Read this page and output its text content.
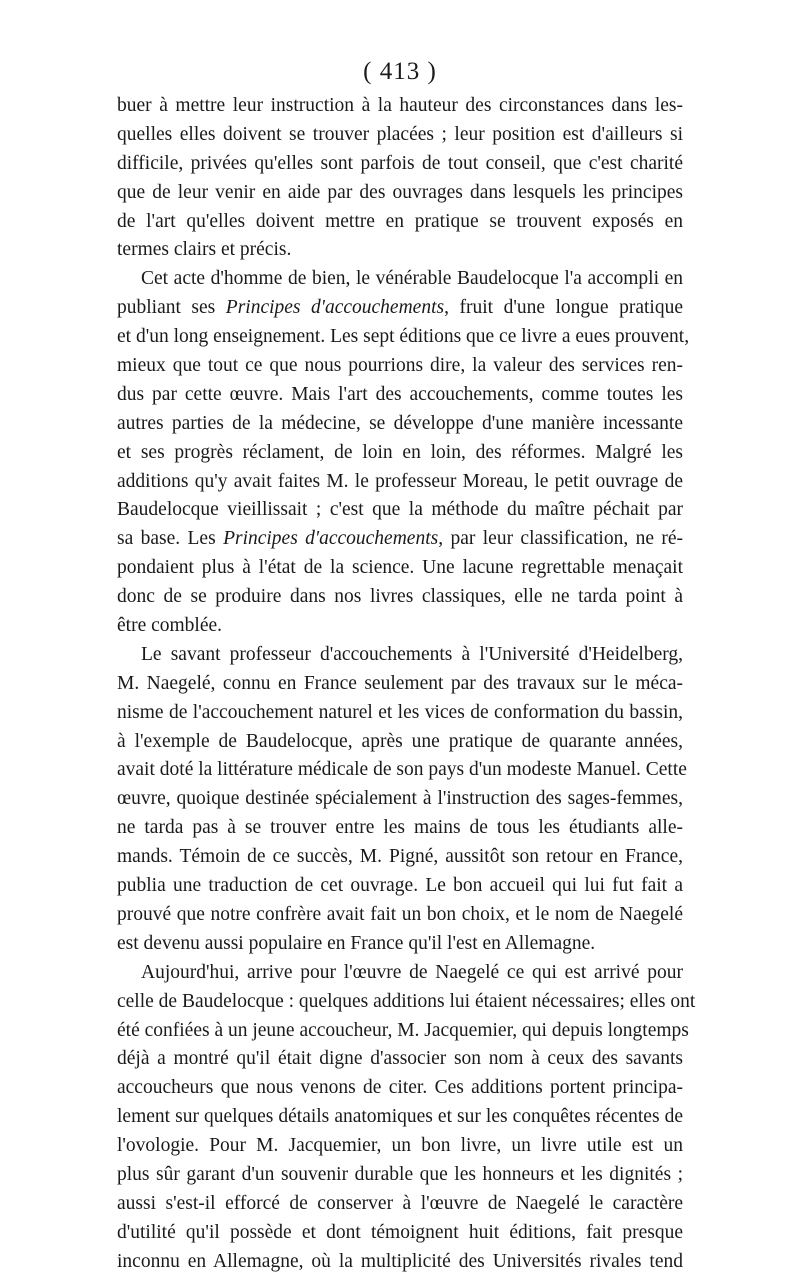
( 413 )
buer à mettre leur instruction à la hauteur des circonstances dans les-
quelles elles doivent se trouver placées ; leur position est d'ailleurs si
difficile, privées qu'elles sont parfois de tout conseil, que c'est charité
que de leur venir en aide par des ouvrages dans lesquels les principes
de l'art qu'elles doivent mettre en pratique se trouvent exposés en
termes clairs et précis.
Cet acte d'homme de bien, le vénérable Baudelocque l'a accompli en
publiant ses Principes d'accouchements, fruit d'une longue pratique
et d'un long enseignement. Les sept éditions que ce livre a eues prouvent,
mieux que tout ce que nous pourrions dire, la valeur des services ren-
dus par cette œuvre. Mais l'art des accouchements, comme toutes les
autres parties de la médecine, se développe d'une manière incessante
et ses progrès réclament, de loin en loin, des réformes. Malgré les
additions qu'y avait faites M. le professeur Moreau, le petit ouvrage de
Baudelocque vieillissait ; c'est que la méthode du maître péchait par
sa base. Les Principes d'accouchements, par leur classification, ne ré-
pondaient plus à l'état de la science. Une lacune regrettable menaçait
donc de se produire dans nos livres classiques, elle ne tarda point à
être comblée.
Le savant professeur d'accouchements à l'Université d'Heidelberg,
M. Naegelé, connu en France seulement par des travaux sur le méca-
nisme de l'accouchement naturel et les vices de conformation du bassin,
à l'exemple de Baudelocque, après une pratique de quarante années,
avait doté la littérature médicale de son pays d'un modeste Manuel. Cette
œuvre, quoique destinée spécialement à l'instruction des sages-femmes,
ne tarda pas à se trouver entre les mains de tous les étudiants alle-
mands. Témoin de ce succès, M. Pigné, aussitôt son retour en France,
publia une traduction de cet ouvrage. Le bon accueil qui lui fut fait a
prouvé que notre confrère avait fait un bon choix, et le nom de Naegelé
est devenu aussi populaire en France qu'il l'est en Allemagne.
Aujourd'hui, arrive pour l'œuvre de Naegelé ce qui est arrivé pour
celle de Baudelocque : quelques additions lui étaient nécessaires; elles ont
été confiées à un jeune accoucheur, M. Jacquemier, qui depuis longtemps
déjà a montré qu'il était digne d'associer son nom à ceux des savants
accoucheurs que nous venons de citer. Ces additions portent principa-
lement sur quelques détails anatomiques et sur les conquêtes récentes de
l'ovologie. Pour M. Jacquemier, un bon livre, un livre utile est un
plus sûr garant d'un souvenir durable que les honneurs et les dignités ;
aussi s'est-il efforcé de conserver à l'œuvre de Naegelé le caractère
d'utilité qu'il possède et dont témoignent huit éditions, fait presque
inconnu en Allemagne, où la multiplicité des Universités rivales tend
